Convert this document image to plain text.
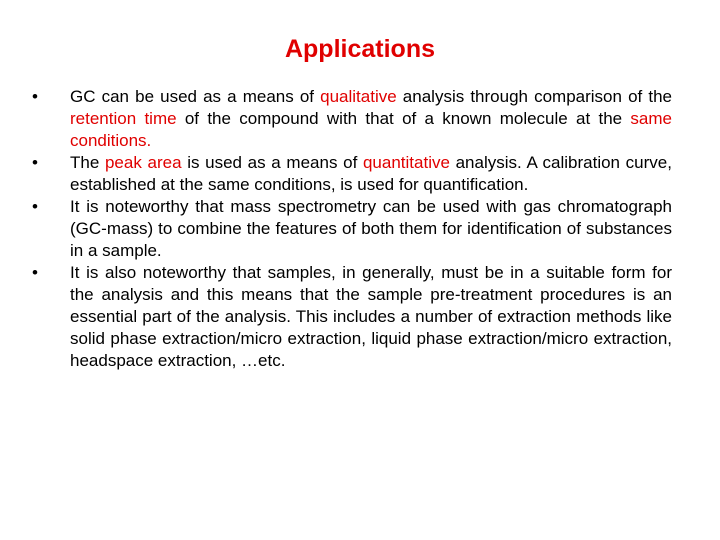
Applications
•	GC can be used as a means of qualitative analysis through comparison of the retention time of the compound with that of a known molecule at the same conditions.
•	The peak area is used as a means of quantitative analysis. A calibration curve, established at the same conditions, is used for quantification.
•	It is noteworthy that mass spectrometry can be used with gas chromatograph (GC-mass) to combine the features of both them for identification of substances in a sample.
•	It is also noteworthy that samples, in generally, must be in a suitable form for the analysis and this means that the sample pre-treatment procedures is an essential part of the analysis. This includes a number of extraction methods like solid phase extraction/micro extraction, liquid phase extraction/micro extraction, headspace extraction, …etc.
